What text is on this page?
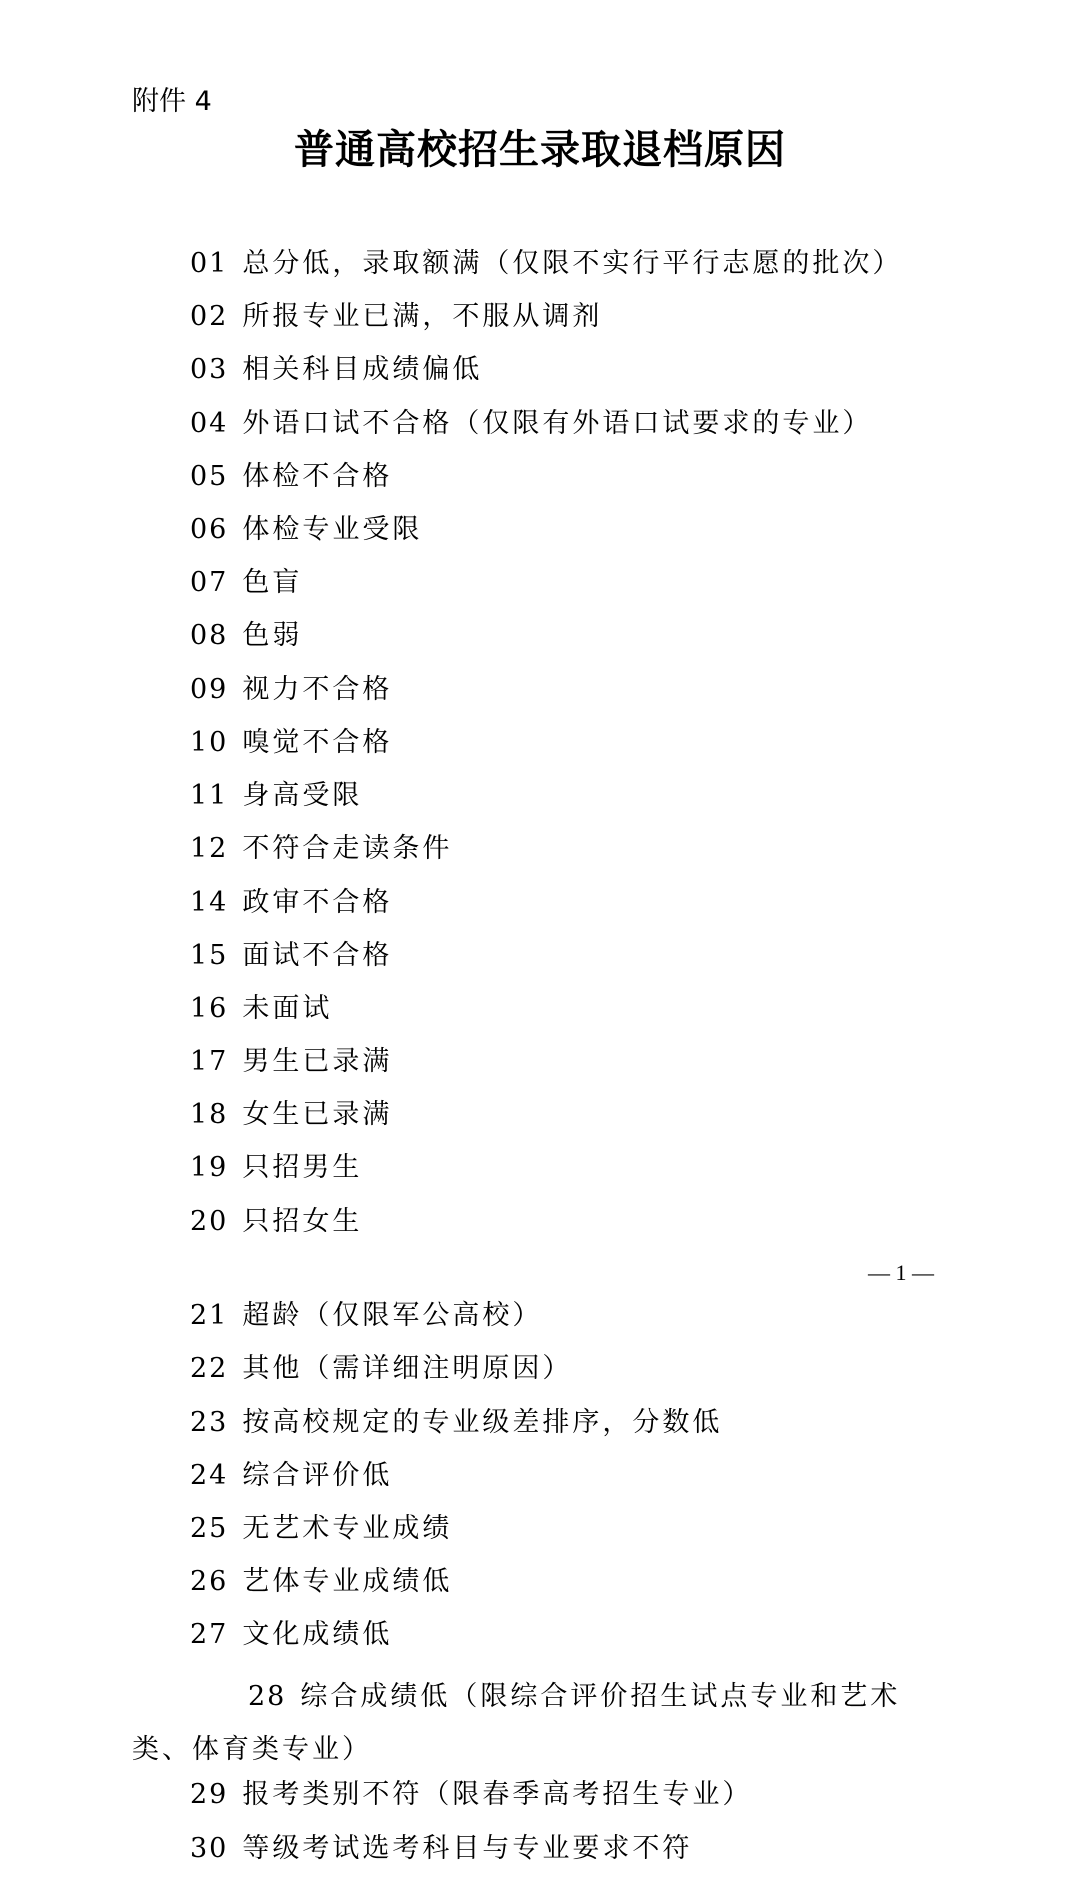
附件 4
普通高校招生录取退档原因
01 总分低，录取额满（仅限不实行平行志愿的批次）
02 所报专业已满，不服从调剂
03 相关科目成绩偏低
04 外语口试不合格（仅限有外语口试要求的专业）
05 体检不合格
06 体检专业受限
07 色盲
08 色弱
09 视力不合格
10 嗅觉不合格
11 身高受限
12 不符合走读条件
14 政审不合格
15 面试不合格
16 未面试
17 男生已录满
18 女生已录满
19 只招男生
20 只招女生
21 超龄（仅限军公高校）
22 其他（需详细注明原因）
23 按高校规定的专业级差排序，分数低
24 综合评价低
25 无艺术专业成绩
26 艺体专业成绩低
27 文化成绩低
28 综合成绩低（限综合评价招生试点专业和艺术类、体育类专业）
29 报考类别不符（限春季高考招生专业）
30 等级考试选考科目与专业要求不符
— 1 —
